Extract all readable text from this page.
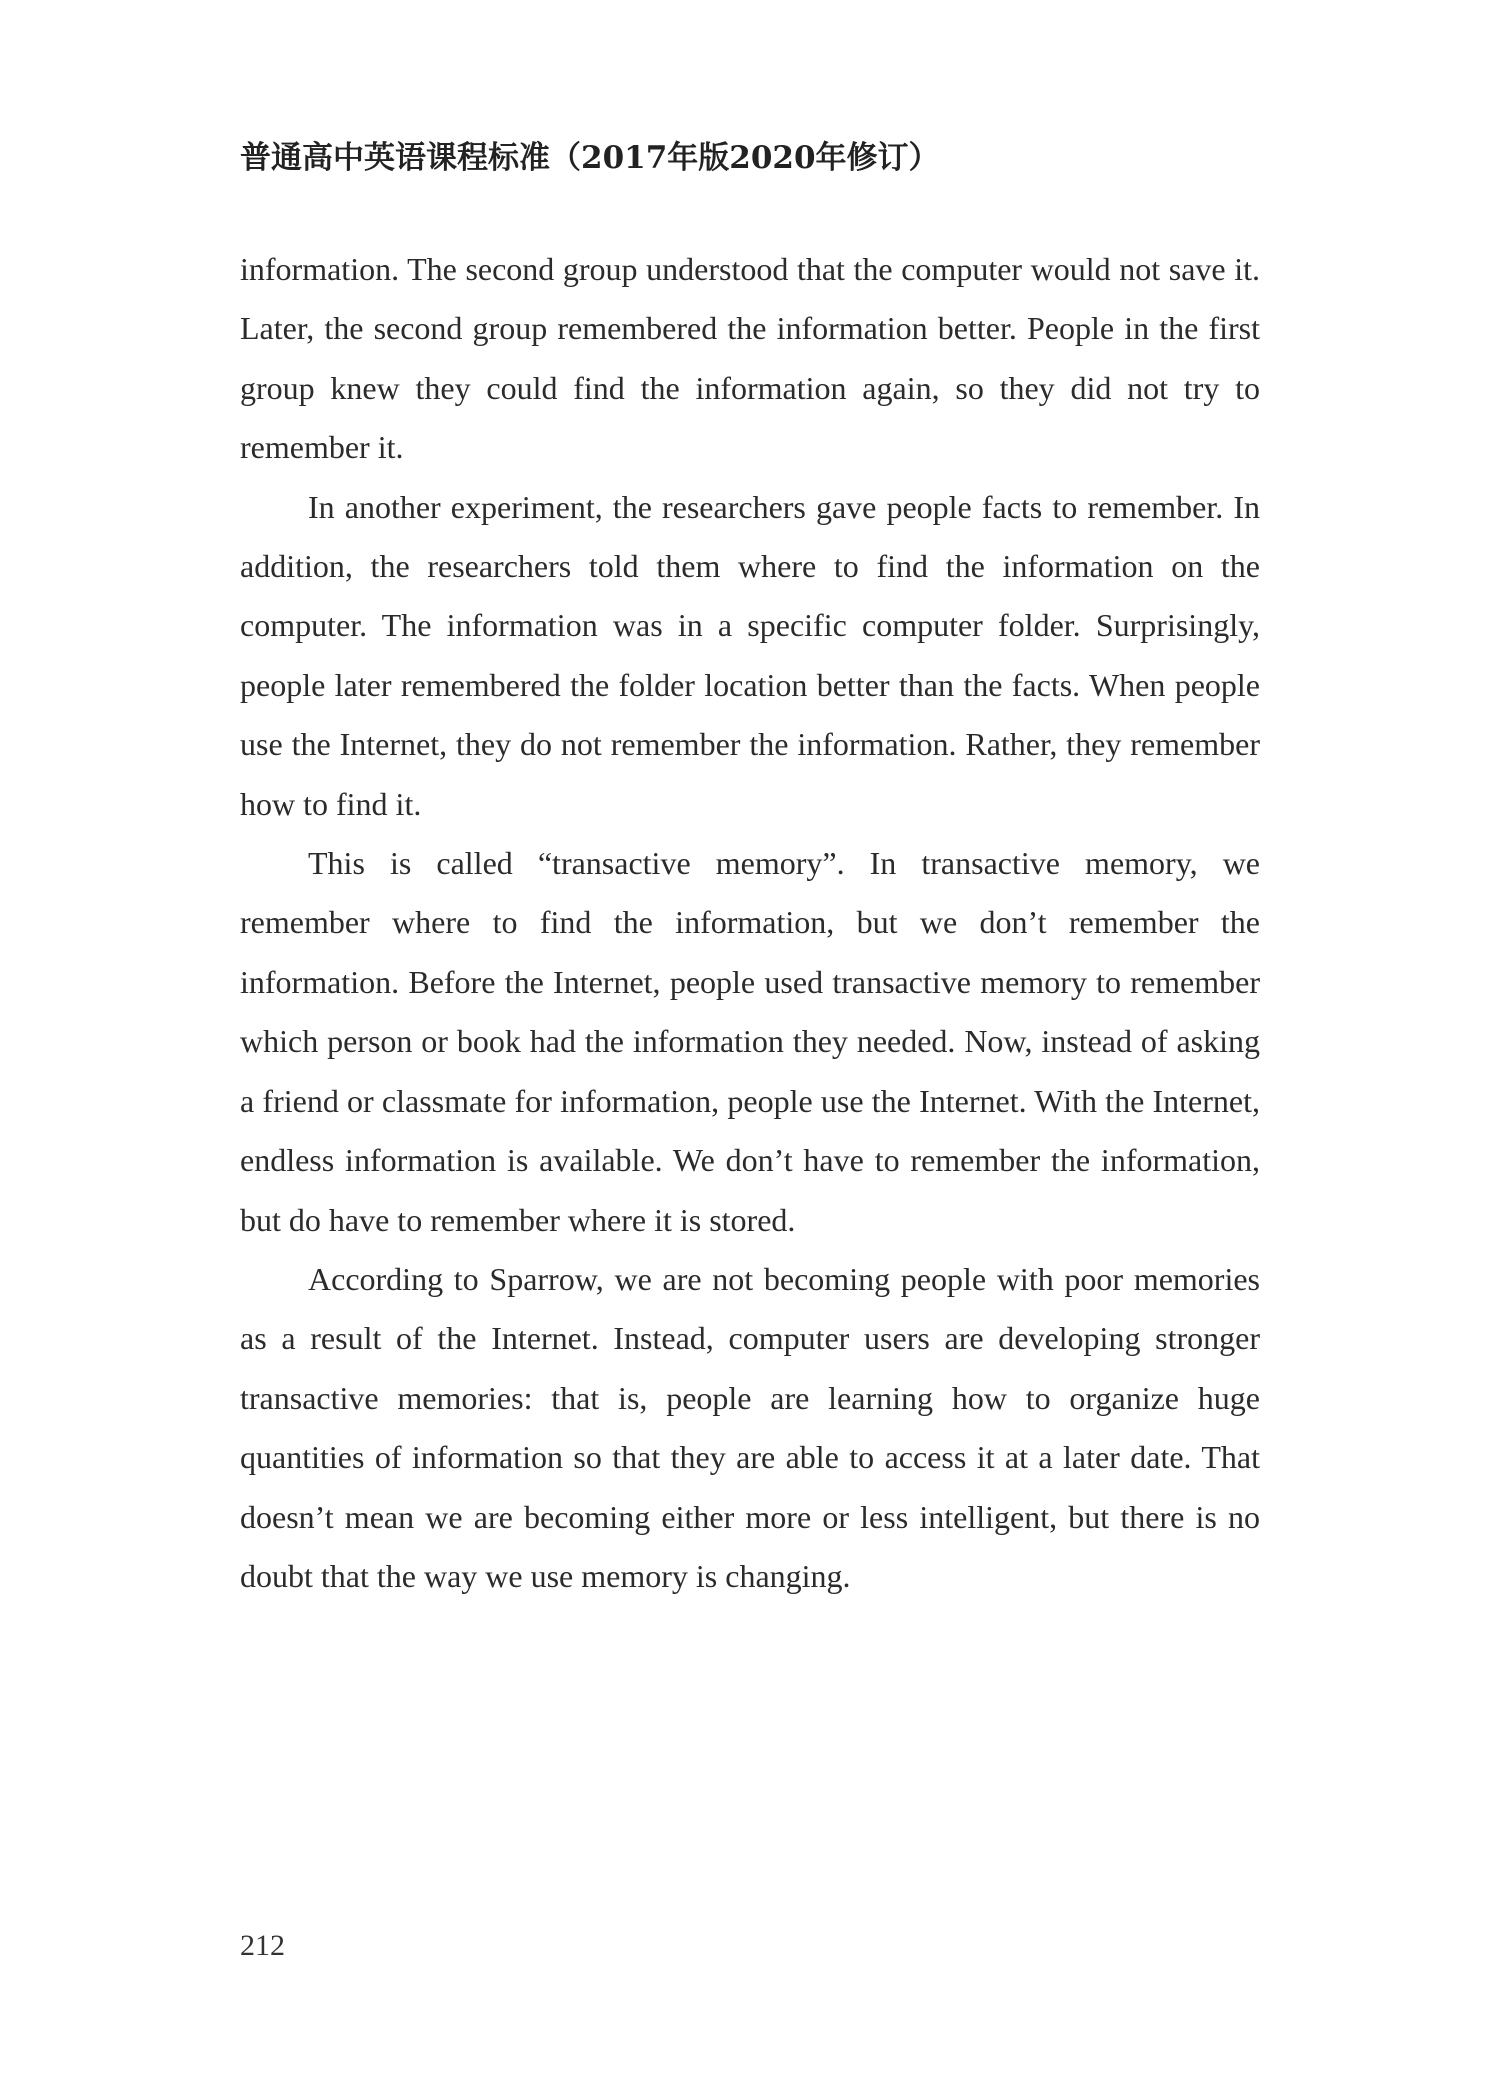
普通高中英语课程标准（2017年版2020年修订）

information. The second group understood that the computer would not save it. Later, the second group remembered the information better. People in the first group knew they could find the information again, so they did not try to remember it.

In another experiment, the researchers gave people facts to remember. In addition, the researchers told them where to find the information on the computer. The information was in a specific computer folder. Surprisingly, people later remembered the folder location better than the facts. When people use the Internet, they do not remember the information. Rather, they remember how to find it.

This is called “transactive memory”. In transactive memory, we remember where to find the information, but we don’t remember the information. Before the Internet, people used transactive memory to remember which person or book had the information they needed. Now, instead of asking a friend or classmate for information, people use the Internet. With the Internet, endless information is available. We don’t have to remember the information, but do have to remember where it is stored.

According to Sparrow, we are not becoming people with poor memories as a result of the Internet. Instead, computer users are developing stronger transactive memories: that is, people are learning how to organize huge quantities of information so that they are able to access it at a later date. That doesn’t mean we are becoming either more or less intelligent, but there is no doubt that the way we use memory is changing.

212
